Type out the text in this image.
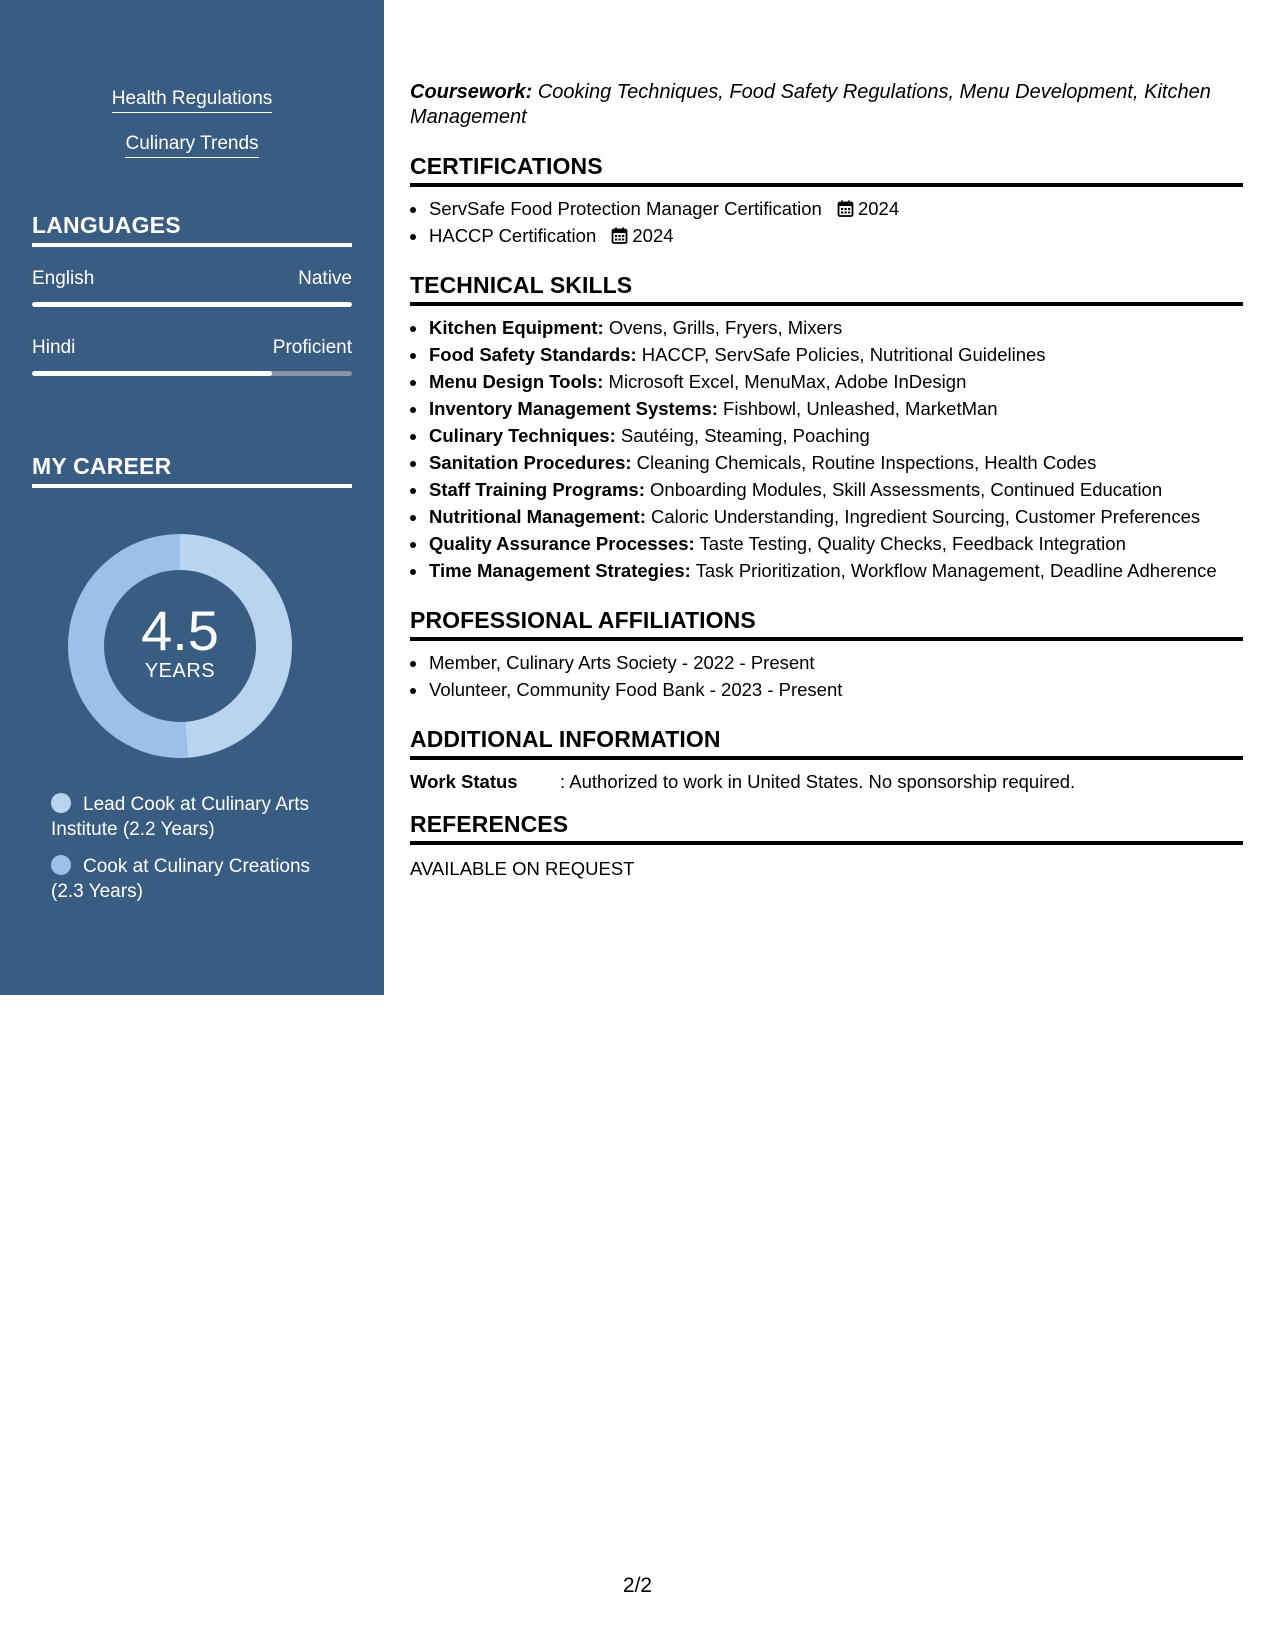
Health Regulations
Culinary Trends
LANGUAGES
English	Native
Hindi	Proficient
MY CAREER
4.5
YEARS
Lead Cook at Culinary Arts Institute (2.2 Years)
Cook at Culinary Creations (2.3 Years)
Coursework: Cooking Techniques, Food Safety Regulations, Menu Development, Kitchen Management
CERTIFICATIONS
• ServSafe Food Protection Manager Certification 2024
• HACCP Certification 2024
TECHNICAL SKILLS
• Kitchen Equipment: Ovens, Grills, Fryers, Mixers
• Food Safety Standards: HACCP, ServSafe Policies, Nutritional Guidelines
• Menu Design Tools: Microsoft Excel, MenuMax, Adobe InDesign
• Inventory Management Systems: Fishbowl, Unleashed, MarketMan
• Culinary Techniques: Sautéing, Steaming, Poaching
• Sanitation Procedures: Cleaning Chemicals, Routine Inspections, Health Codes
• Staff Training Programs: Onboarding Modules, Skill Assessments, Continued Education
• Nutritional Management: Caloric Understanding, Ingredient Sourcing, Customer Preferences
• Quality Assurance Processes: Taste Testing, Quality Checks, Feedback Integration
• Time Management Strategies: Task Prioritization, Workflow Management, Deadline Adherence
PROFESSIONAL AFFILIATIONS
• Member, Culinary Arts Society - 2022 - Present
• Volunteer, Community Food Bank - 2023 - Present
ADDITIONAL INFORMATION
Work Status : Authorized to work in United States. No sponsorship required.
REFERENCES
AVAILABLE ON REQUEST
2/2
